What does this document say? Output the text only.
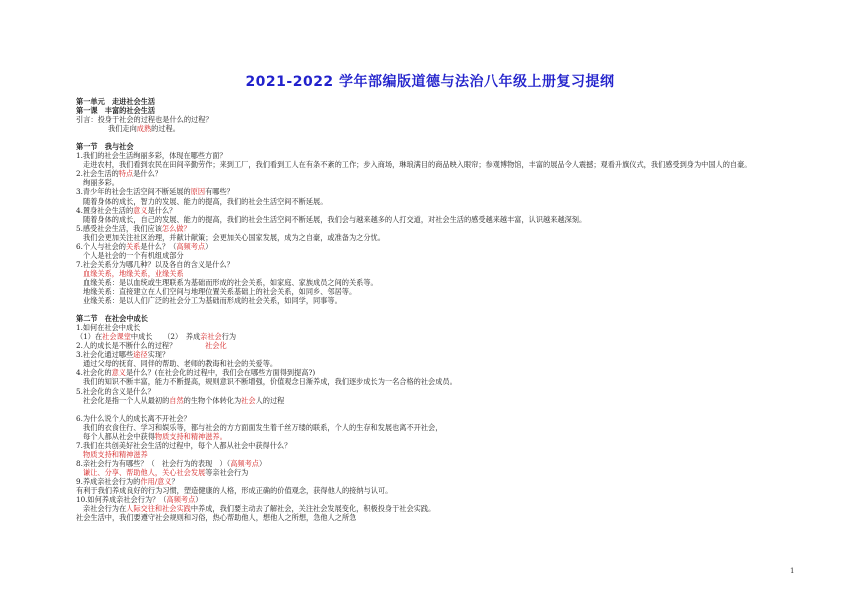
2021-2022 学年部编版道德与法治八年级上册复习提纲
第一单元　走进社会生活
第一课　丰富的社会生活
引言：投身于社会的过程也是什么的过程？
我们走向成熟的过程。
第一节　我与社会
1.我们的社会生活绚丽多彩，体现在哪些方面？
走进农村，我们看到农民在田间辛勤劳作；来到工厂，我们看到工人在有条不紊的工作；步入商场，琳琅满目的商品映入眼帘；参观博物馆，丰富的展品令人震撼；观看升旗仪式，我们感受到身为中国人的自豪。
2.社会生活的特点是什么？
绚丽多彩。
3.青少年的社会生活空间不断延展的原因有哪些？
随着身体的成长，智力的发展、能力的提高，我们的社会生活空间不断延展。
4.置身社会生活的意义是什么？
随着身体的成长，自己的发展、能力的提高，我们的社会生活空间不断延展，我们会与越来越多的人打交道，对社会生活的感受越来越丰富，认识越来越深刻。
5.感受社会生活，我们应该怎么做？
我们会更加关注社区治理，并献计献策；会更加关心国家发展，成为之自豪，或准备为之分忧。
6.个人与社会的关系是什么？（高频考点）
个人是社会的一个有机组成部分
7.社会关系分为哪几种？以及各自的含义是什么？
血缘关系，地缘关系，业缘关系
血缘关系：是以血统或生理联系为基础而形成的社会关系，如家庭、家族成员之间的关系等。
地缘关系：直接建立在人们空间与地理位置关系基础上的社会关系，如同乡、邻居等。
业缘关系：是以人们广泛的社会分工为基础而形成的社会关系，如同学，同事等。
第二节　在社会中成长
1.如何在社会中成长
（1）在社会课堂中成长　　（2）　养成亲社会行为
2.人的成长是不断什么的过程？　　　　社会化
3.社会化通过哪些途径实现？
通过父母的抚育、同伴的帮助、老师的教诲和社会的关爱等。
4.社会化的意义是什么？(在社会化的过程中，我们会在哪些方面得到提高?)
我们的知识不断丰富，能力不断提高，规则意识不断增强，价值观念日渐养成，我们逐步成长为一名合格的社会成员。
5.社会化的含义是什么？
社会化是指一个人从最初的自然的生物个体转化为社会人的过程
6.为什么说个人的成长离不开社会？
我们的衣食住行、学习和娱乐等，都与社会的方方面面发生着千丝万缕的联系，个人的生存和发展也离不开社会，
每个人都从社会中获得物质支持和精神滋养。
7.我们在共创美好社会生活的过程中，每个人都从社会中获得什么？
物质支持和精神滋养
8.亲社会行为有哪些？（　社会行为的表现　）（高频考点）
谦让、分享、帮助他人，关心社会发展等亲社会行为
9.养成亲社会行为的作用/意义？
有利于我们养成良好的行为习惯，塑造健康的人格，形成正确的价值观念，获得他人的接纳与认可。
10.如何养成亲社会行为？（高频考点）
亲社会行为在人际交往和社会实践中养成，我们要主动去了解社会，关注社会发展变化，积极投身于社会实践。
社会生活中，我们要遵守社会规则和习俗，热心帮助他人，想他人之所想，急他人之所急
1
